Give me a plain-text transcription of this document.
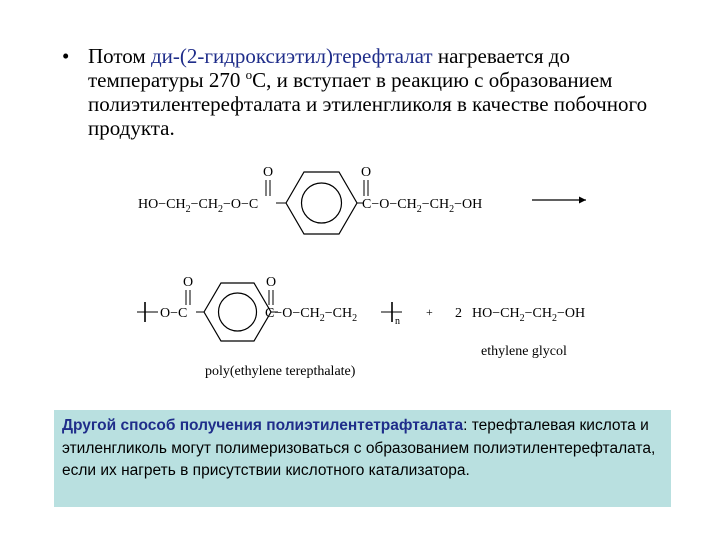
• Потом ди-(2-гидроксиэтил)терефталат нагревается до температуры 270 $^o$C, и вступает в реакцию с образованием полиэтилентерефталата и этиленгликоля в качестве побочного продукта.
$HO-CH_2-CH_2-O-C$
O	O
$C-O-CH_2-CH_2-OH$
O−C
O	O
$C-O-CH_2-CH_2$	n
+ 2 $HO-CH_2-CH_2-OH$
ethylene glycol
poly(ethylene terepthalate)
Другой способ получения полиэтилентетрафталата: терефталевая кислота и этиленгликоль могут полимеризоваться с образованием полиэтилентерефталата, если их нагреть в присутствии кислотного катализатора.
